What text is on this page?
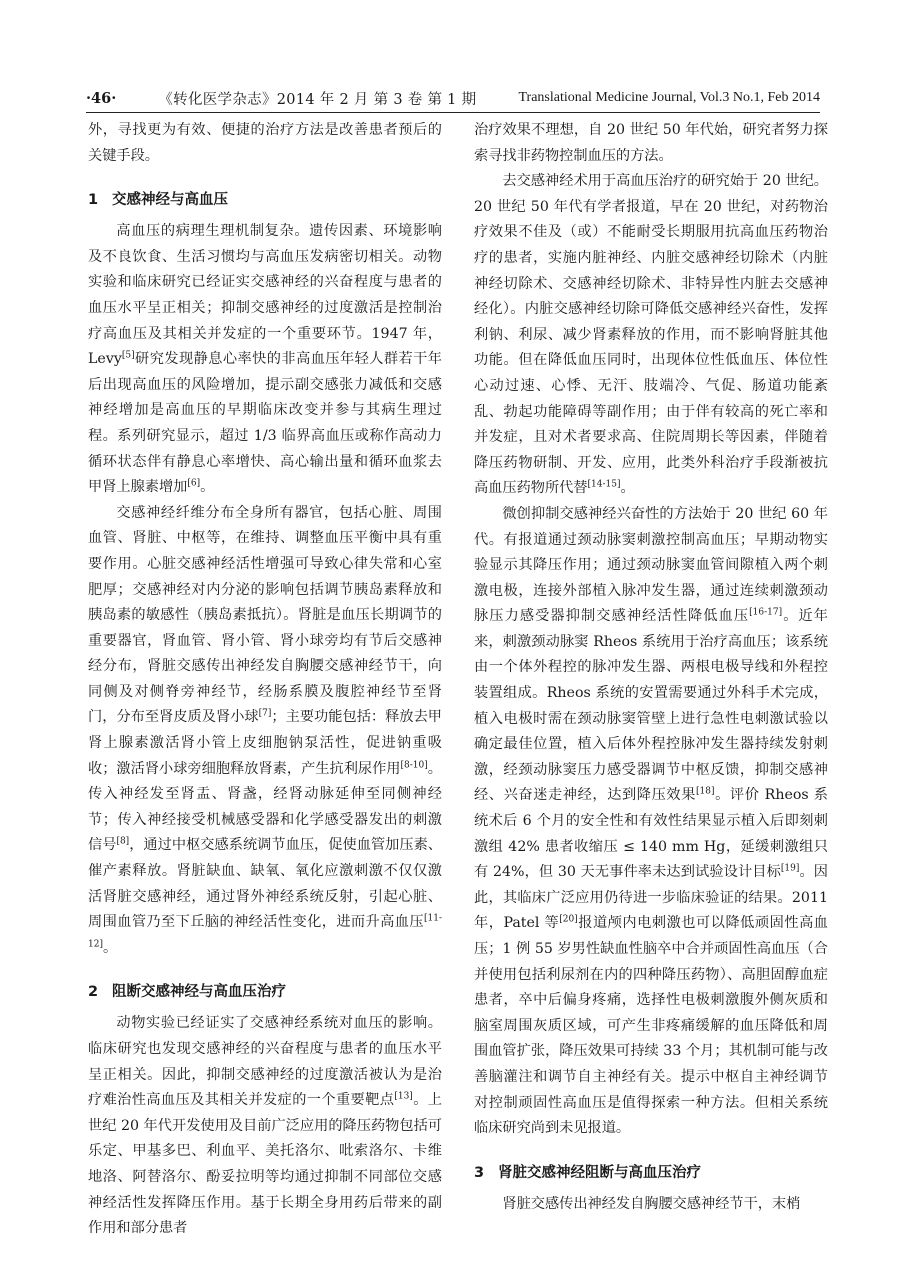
·46·	《转化医学杂志》2014 年 2 月 第 3 卷 第 1 期	Translational Medicine Journal, Vol.3 No.1, Feb 2014

外，寻找更为有效、便捷的治疗方法是改善患者预后的关键手段。

1 交感神经与高血压

高血压的病理生理机制复杂。遗传因素、环境影响及不良饮食、生活习惯均与高血压发病密切相关。动物实验和临床研究已经证实交感神经的兴奋程度与患者的血压水平呈正相关；抑制交感神经的过度激活是控制治疗高血压及其相关并发症的一个重要环节。1947 年，Levy[5]研究发现静息心率快的非高血压年轻人群若干年后出现高血压的风险增加，提示副交感张力减低和交感神经增加是高血压的早期临床改变并参与其病生理过程。系列研究显示，超过 1/3 临界高血压或称作高动力循环状态伴有静息心率增快、高心输出量和循环血浆去甲肾上腺素增加[6]。

交感神经纤维分布全身所有器官，包括心脏、周围血管、肾脏、中枢等，在维持、调整血压平衡中具有重要作用。心脏交感神经活性增强可导致心律失常和心室肥厚；交感神经对内分泌的影响包括调节胰岛素释放和胰岛素的敏感性（胰岛素抵抗）。肾脏是血压长期调节的重要器官，肾血管、肾小管、肾小球旁均有节后交感神经分布，肾脏交感传出神经发自胸腰交感神经节干，向同侧及对侧脊旁神经节，经肠系膜及腹腔神经节至肾门，分布至肾皮质及肾小球[7]；主要功能包括：释放去甲肾上腺素激活肾小管上皮细胞钠泵活性，促进钠重吸收；激活肾小球旁细胞释放肾素，产生抗利尿作用[8-10]。传入神经发至肾盂、肾盏，经肾动脉延伸至同侧神经节；传入神经接受机械感受器和化学感受器发出的刺激信号[8]，通过中枢交感系统调节血压，促使血管加压素、催产素释放。肾脏缺血、缺氧、氧化应激刺激不仅仅激活肾脏交感神经，通过肾外神经系统反射，引起心脏、周围血管乃至下丘脑的神经活性变化，进而升高血压[11-12]。

2 阻断交感神经与高血压治疗

动物实验已经证实了交感神经系统对血压的影响。临床研究也发现交感神经的兴奋程度与患者的血压水平呈正相关。因此，抑制交感神经的过度激活被认为是治疗难治性高血压及其相关并发症的一个重要靶点[13]。上世纪 20 年代开发使用及目前广泛应用的降压药物包括可乐定、甲基多巴、利血平、美托洛尔、吡索洛尔、卡维地洛、阿替洛尔、酚妥拉明等均通过抑制不同部位交感神经活性发挥降压作用。基于长期全身用药后带来的副作用和部分患者

治疗效果不理想，自 20 世纪 50 年代始，研究者努力探索寻找非药物控制血压的方法。

去交感神经术用于高血压治疗的研究始于 20 世纪。20 世纪 50 年代有学者报道，早在 20 世纪，对药物治疗效果不佳及（或）不能耐受长期服用抗高血压药物治疗的患者，实施内脏神经、内脏交感神经切除术（内脏神经切除术、交感神经切除术、非特异性内脏去交感神经化）。内脏交感神经切除可降低交感神经兴奋性，发挥利钠、利尿、减少肾素释放的作用，而不影响肾脏其他功能。但在降低血压同时，出现体位性低血压、体位性心动过速、心悸、无汗、肢端冷、气促、肠道功能紊乱、勃起功能障碍等副作用；由于伴有较高的死亡率和并发症，且对术者要求高、住院周期长等因素，伴随着降压药物研制、开发、应用，此类外科治疗手段渐被抗高血压药物所代替[14-15]。

微创抑制交感神经兴奋性的方法始于 20 世纪 60 年代。有报道通过颈动脉窦刺激控制高血压；早期动物实验显示其降压作用；通过颈动脉窦血管间隙植入两个刺激电极，连接外部植入脉冲发生器，通过连续刺激颈动脉压力感受器抑制交感神经活性降低血压[16-17]。近年来，刺激颈动脉窦 Rheos 系统用于治疗高血压；该系统由一个体外程控的脉冲发生器、两根电极导线和外程控装置组成。Rheos 系统的安置需要通过外科手术完成，植入电极时需在颈动脉窦管壁上进行急性电刺激试验以确定最佳位置，植入后体外程控脉冲发生器持续发射刺激，经颈动脉窦压力感受器调节中枢反馈，抑制交感神经、兴奋迷走神经，达到降压效果[18]。评价 Rheos 系统术后 6 个月的安全性和有效性结果显示植入后即刻刺激组 42% 患者收缩压 ≤ 140 mm Hg，延缓刺激组只有 24%，但 30 天无事件率未达到试验设计目标[19]。因此，其临床广泛应用仍待进一步临床验证的结果。2011 年，Patel 等[20]报道颅内电刺激也可以降低顽固性高血压；1 例 55 岁男性缺血性脑卒中合并顽固性高血压（合并使用包括利尿剂在内的四种降压药物）、高胆固醇血症患者，卒中后偏身疼痛，选择性电极刺激腹外侧灰质和脑室周围灰质区域，可产生非疼痛缓解的血压降低和周围血管扩张，降压效果可持续 33 个月；其机制可能与改善脑灌注和调节自主神经有关。提示中枢自主神经调节对控制顽固性高血压是值得探索一种方法。但相关系统临床研究尚到未见报道。

3 肾脏交感神经阻断与高血压治疗

肾脏交感传出神经发自胸腰交感神经节干，末梢
